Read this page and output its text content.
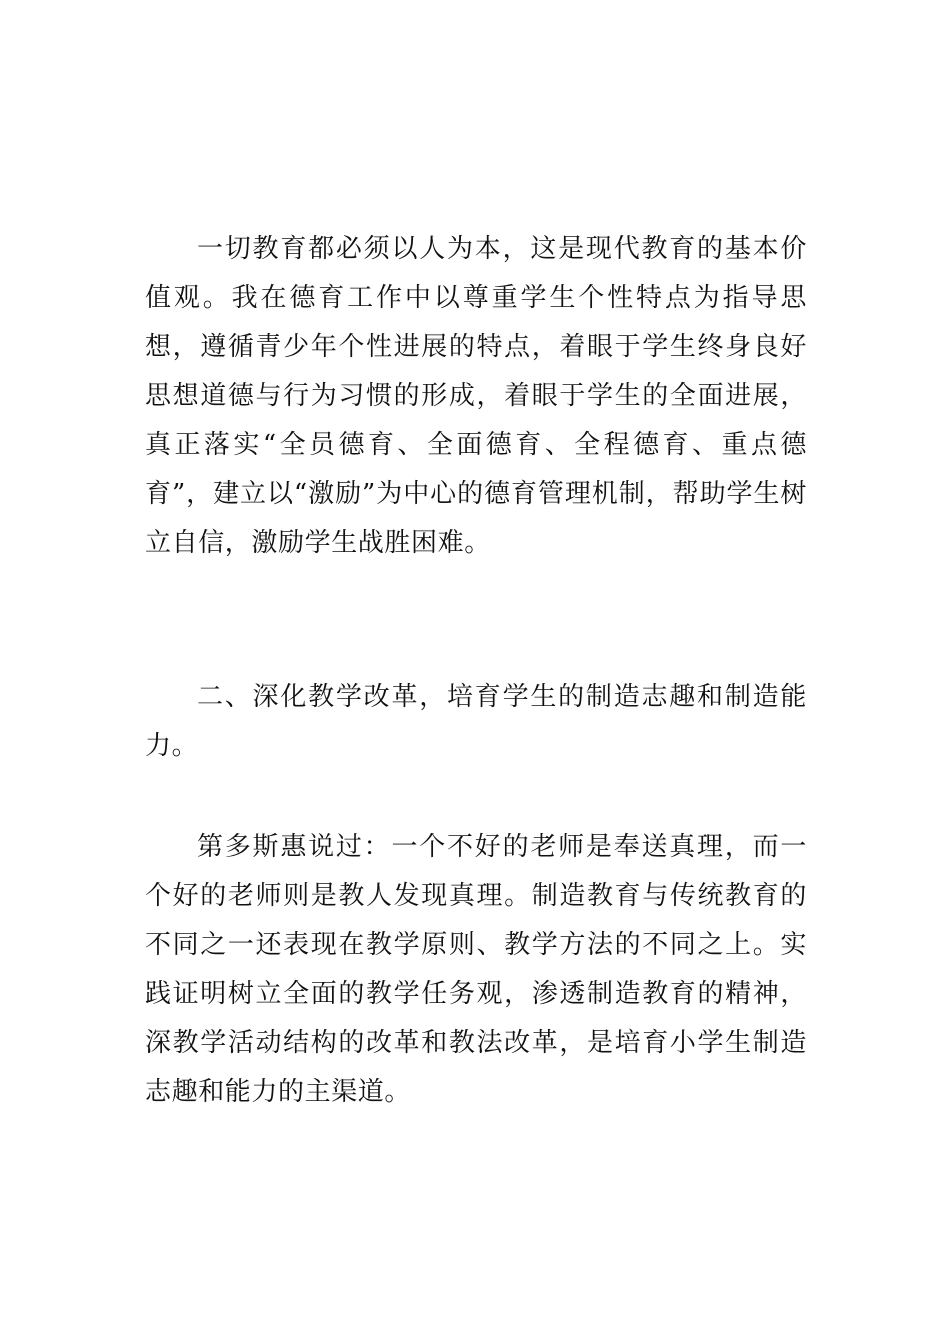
一切教育都必须以人为本，这是现代教育的基本价值观。我在德育工作中以尊重学生个性特点为指导思想，遵循青少年个性进展的特点，着眼于学生终身良好思想道德与行为习惯的形成，着眼于学生的全面进展，真正落实“全员德育、全面德育、全程德育、重点德育”，建立以“激励”为中心的德育管理机制，帮助学生树立自信，激励学生战胜困难。

二、深化教学改革，培育学生的制造志趣和制造能力。

第多斯惠说过：一个不好的老师是奉送真理，而一个好的老师则是教人发现真理。制造教育与传统教育的不同之一还表现在教学原则、教学方法的不同之上。实践证明树立全面的教学任务观，渗透制造教育的精神，深教学活动结构的改革和教法改革，是培育小学生制造志趣和能力的主渠道。
